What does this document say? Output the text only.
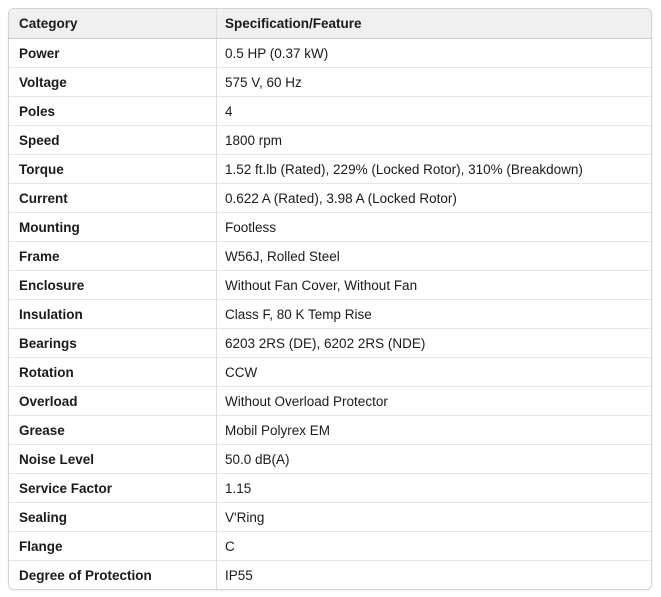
Category	Specification/Feature
Power	0.5 HP (0.37 kW)
Voltage	575 V, 60 Hz
Poles	4
Speed	1800 rpm
Torque	1.52 ft.lb (Rated), 229% (Locked Rotor), 310% (Breakdown)
Current	0.622 A (Rated), 3.98 A (Locked Rotor)
Mounting	Footless
Frame	W56J, Rolled Steel
Enclosure	Without Fan Cover, Without Fan
Insulation	Class F, 80 K Temp Rise
Bearings	6203 2RS (DE), 6202 2RS (NDE)
Rotation	CCW
Overload	Without Overload Protector
Grease	Mobil Polyrex EM
Noise Level	50.0 dB(A)
Service Factor	1.15
Sealing	V'Ring
Flange	C
Degree of Protection	IP55
